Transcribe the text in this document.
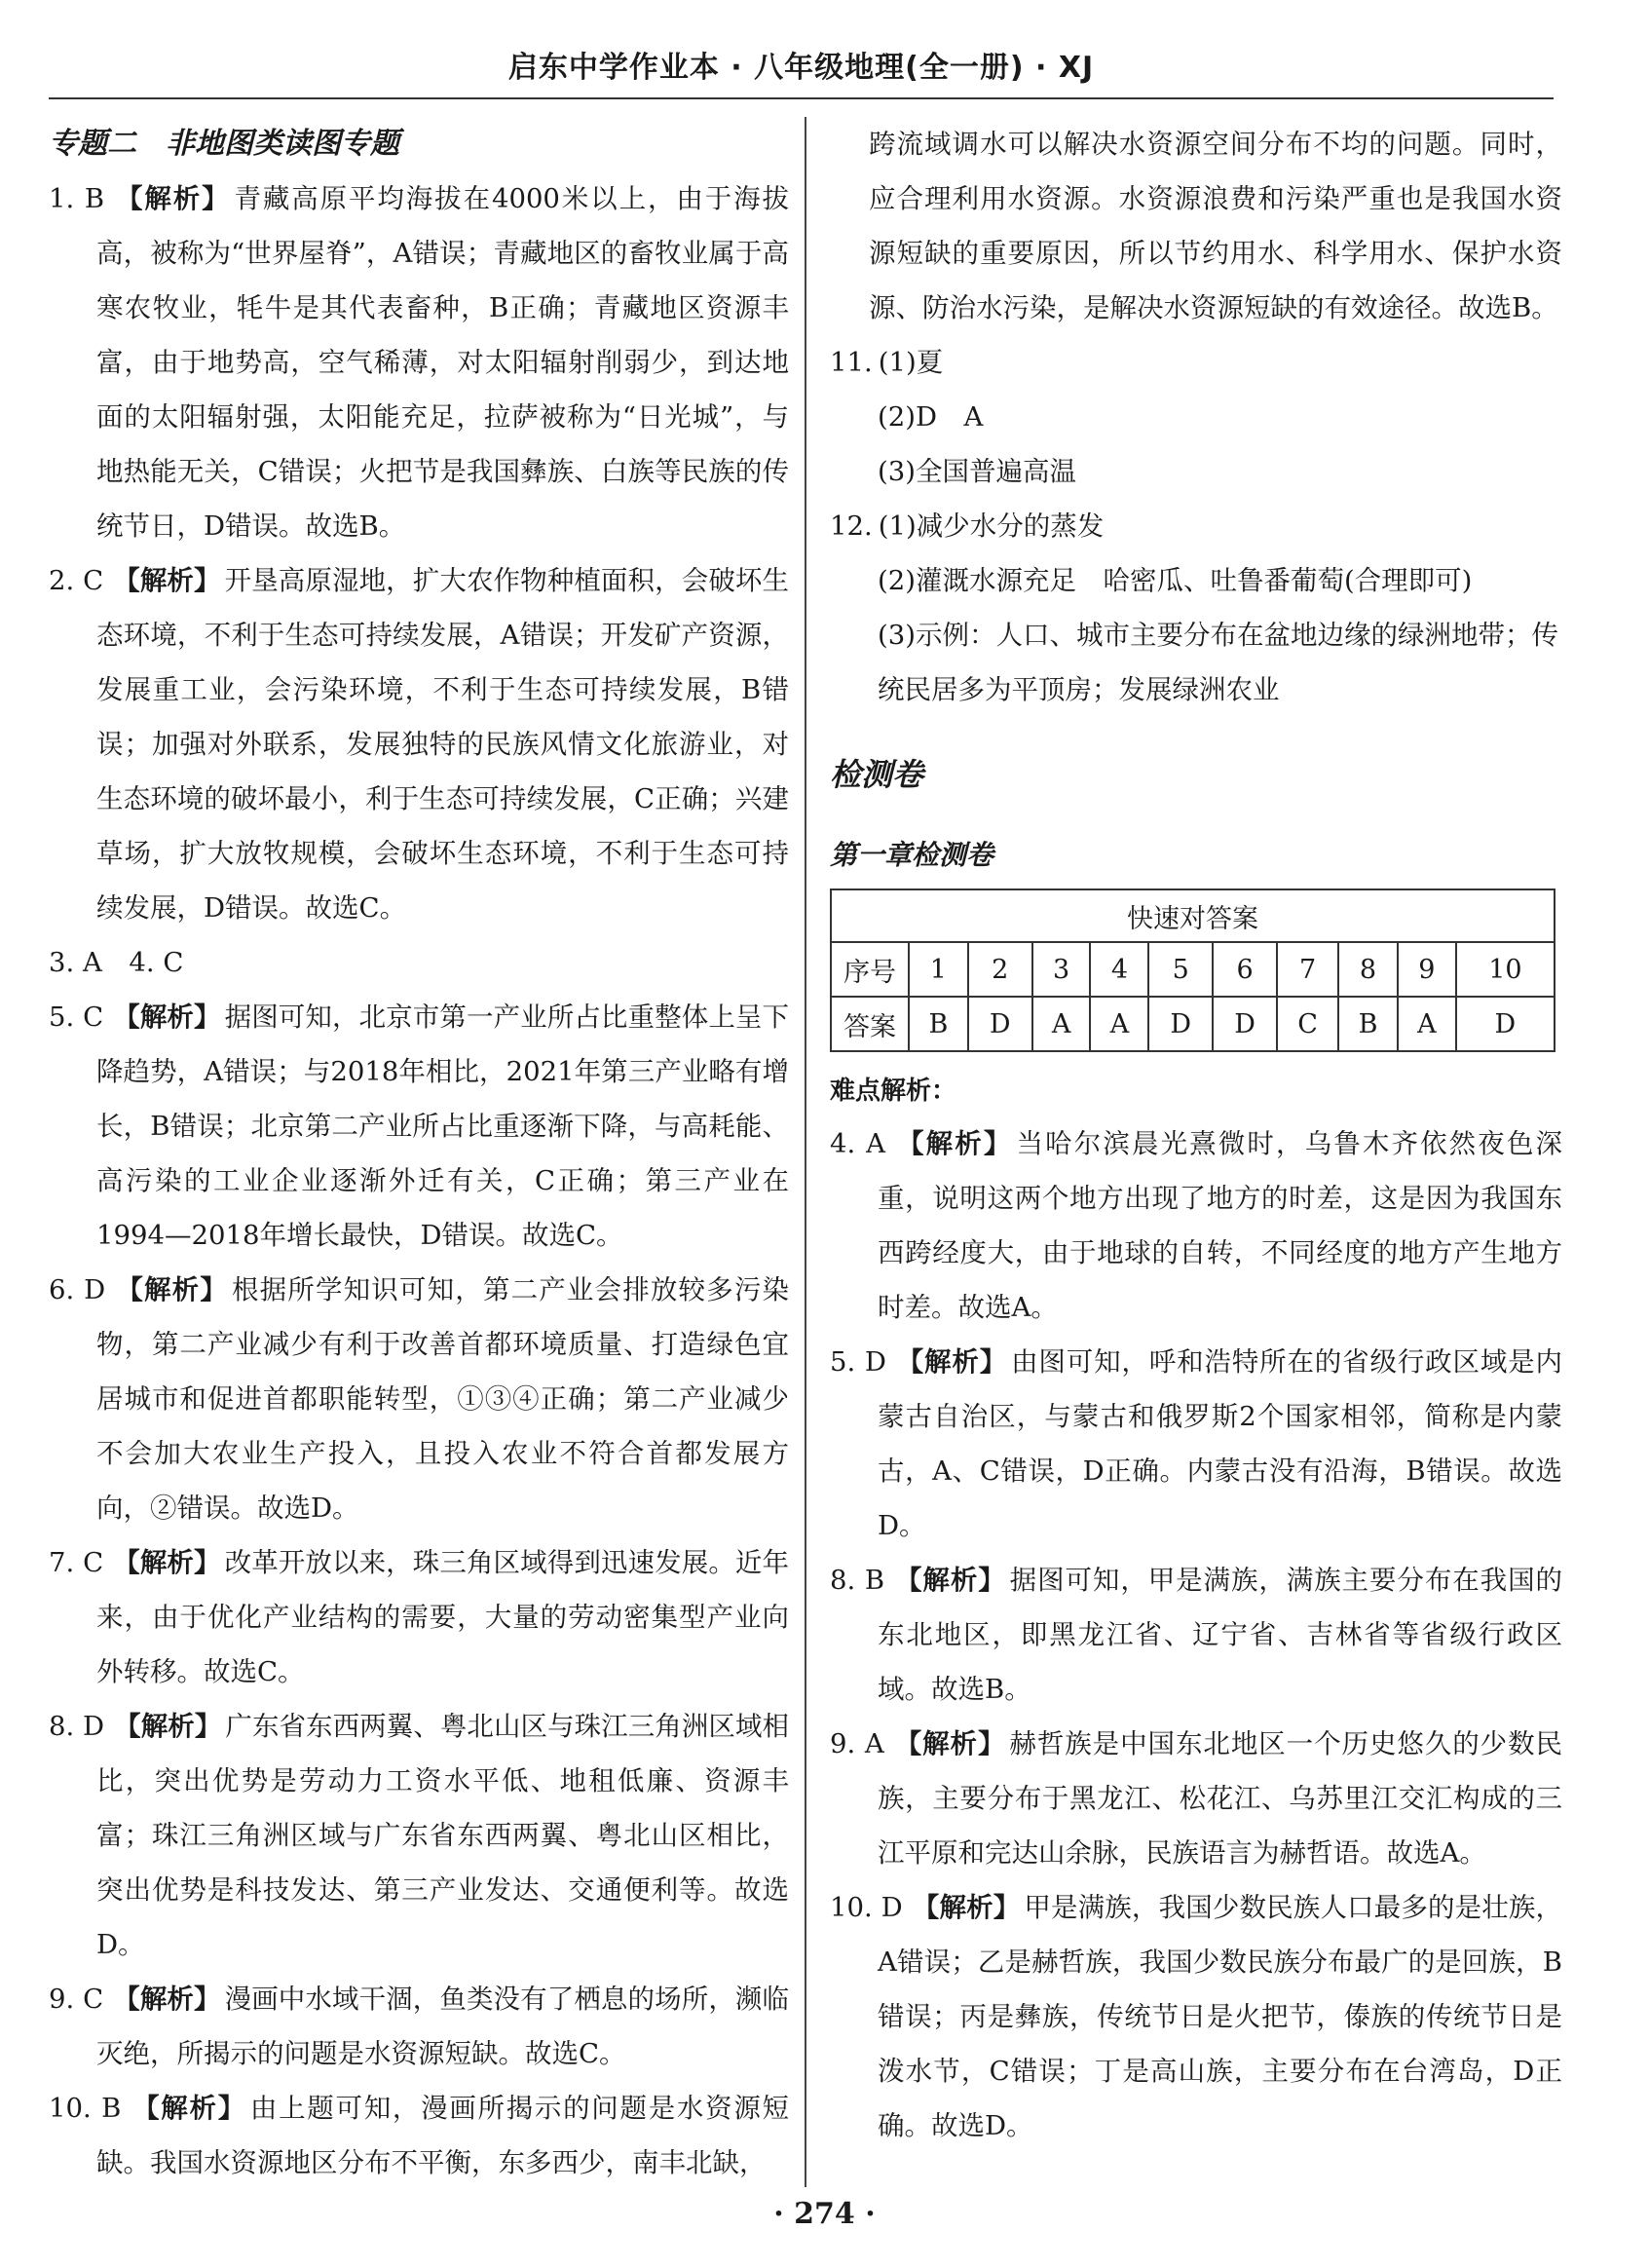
启东中学作业本 · 八年级地理(全一册) · XJ
专题二　非地图类读图专题

1. B 【解析】 青藏高原平均海拔在4000米以上，由于海拔高，被称为“世界屋脊”，A错误；青藏地区的畜牧业属于高寒农牧业，牦牛是其代表畜种，B正确；青藏地区资源丰富，由于地势高，空气稀薄，对太阳辐射削弱少，到达地面的太阳辐射强，太阳能充足，拉萨被称为“日光城”，与地热能无关，C错误；火把节是我国彝族、白族等民族的传统节日，D错误。故选B。

2. C 【解析】 开垦高原湿地，扩大农作物种植面积，会破坏生态环境，不利于生态可持续发展，A错误；开发矿产资源，发展重工业，会污染环境，不利于生态可持续发展，B错误；加强对外联系，发展独特的民族风情文化旅游业，对生态环境的破坏最小，利于生态可持续发展，C正确；兴建草场，扩大放牧规模，会破坏生态环境，不利于生态可持续发展，D错误。故选C。

3. A　4. C

5. C 【解析】 据图可知，北京市第一产业所占比重整体上呈下降趋势，A错误；与2018年相比，2021年第三产业略有增长，B错误；北京第二产业所占比重逐渐下降，与高耗能、高污染的工业企业逐渐外迁有关，C正确；第三产业在1994—2018年增长最快，D错误。故选C。

6. D 【解析】 根据所学知识可知，第二产业会排放较多污染物，第二产业减少有利于改善首都环境质量、打造绿色宜居城市和促进首都职能转型，①③④正确；第二产业减少不会加大农业生产投入，且投入农业不符合首都发展方向，②错误。故选D。

7. C 【解析】 改革开放以来，珠三角区域得到迅速发展。近年来，由于优化产业结构的需要，大量的劳动密集型产业向外转移。故选C。

8. D 【解析】 广东省东西两翼、粤北山区与珠江三角洲区域相比，突出优势是劳动力工资水平低、地租低廉、资源丰富；珠江三角洲区域与广东省东西两翼、粤北山区相比，突出优势是科技发达、第三产业发达、交通便利等。故选D。

9. C 【解析】 漫画中水域干涸，鱼类没有了栖息的场所，濒临灭绝，所揭示的问题是水资源短缺。故选C。

10. B 【解析】 由上题可知，漫画所揭示的问题是水资源短缺。我国水资源地区分布不平衡，东多西少，南丰北缺，

跨流域调水可以解决水资源空间分布不均的问题。同时，应合理利用水资源。水资源浪费和污染严重也是我国水资源短缺的重要原因，所以节约用水、科学用水、保护水资源、防治水污染，是解决水资源短缺的有效途径。故选B。

11. (1)夏

(2)D　A

(3)全国普遍高温

12. (1)减少水分的蒸发

(2)灌溉水源充足　哈密瓜、吐鲁番葡萄(合理即可)

(3)示例：人口、城市主要分布在盆地边缘的绿洲地带；传统民居多为平顶房；发展绿洲农业

检测卷
第一章检测卷
快速对答案										
序号	1	2	3	4	5	6	7	8	9	10
答案	B	D	A	A	D	D	C	B	A	D

难点解析：

4. A 【解析】 当哈尔滨晨光熹微时，乌鲁木齐依然夜色深重，说明这两个地方出现了地方的时差，这是因为我国东西跨经度大，由于地球的自转，不同经度的地方产生地方时差。故选A。

5. D 【解析】 由图可知，呼和浩特所在的省级行政区域是内蒙古自治区，与蒙古和俄罗斯2个国家相邻，简称是内蒙古，A、C错误，D正确。内蒙古没有沿海，B错误。故选D。

8. B 【解析】 据图可知，甲是满族，满族主要分布在我国的东北地区，即黑龙江省、辽宁省、吉林省等省级行政区域。故选B。

9. A 【解析】 赫哲族是中国东北地区一个历史悠久的少数民族，主要分布于黑龙江、松花江、乌苏里江交汇构成的三江平原和完达山余脉，民族语言为赫哲语。故选A。

10. D 【解析】 甲是满族，我国少数民族人口最多的是壮族，A错误；乙是赫哲族，我国少数民族分布最广的是回族，B错误；丙是彝族，传统节日是火把节，傣族的传统节日是泼水节，C错误；丁是高山族，主要分布在台湾岛，D正确。故选D。

· 274 ·
